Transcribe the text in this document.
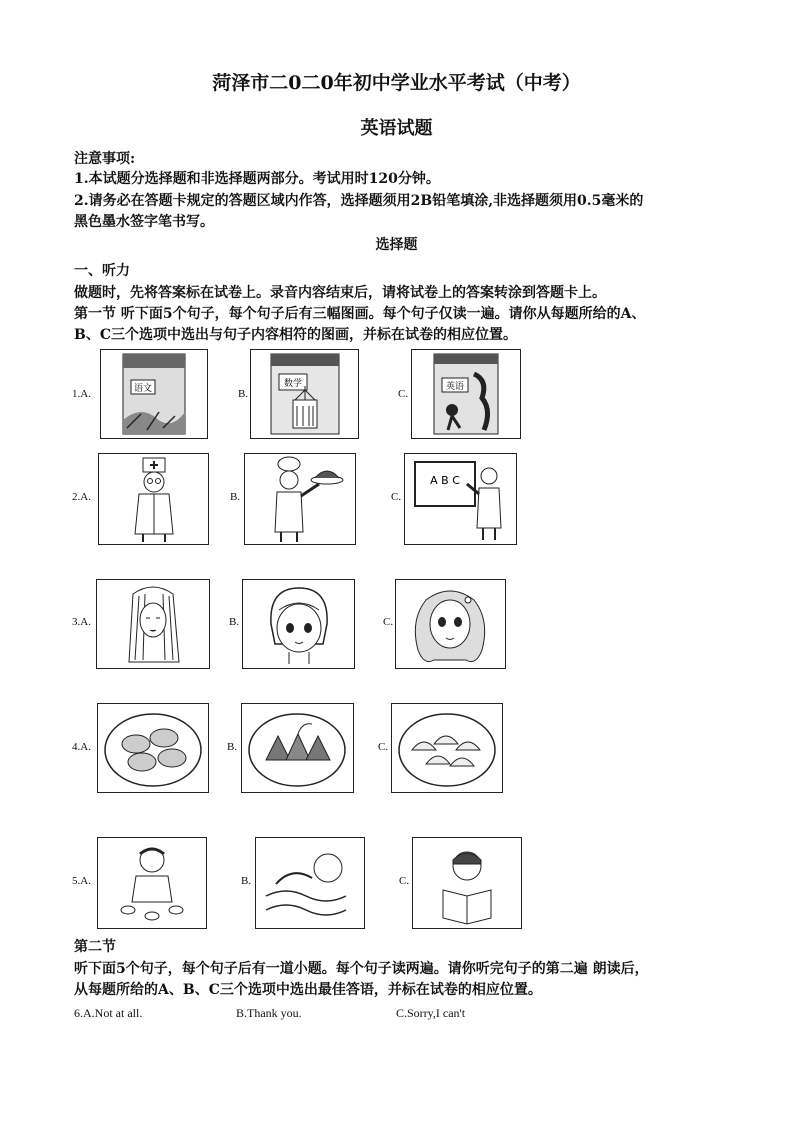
菏泽市二0二0年初中学业水平考试（中考）
英语试题
注意事项:
1.本试题分选择题和非选择题两部分。考试用时120分钟。
2.请务必在答题卡规定的答题区域内作答，选择题须用2B铅笔填涂,非选择题须用0.5毫米的
黑色墨水签字笔书写。
选择题
一、听力
做题时，先将答案标在试卷上。录音内容结束后，请将试卷上的答案转涂到答题卡上。
第一节 听下面5个句子，每个句子后有三幅图画。每个句子仅读一遍。请你从每题所给的A、
B、C三个选项中选出与句子内容相符的图画，并标在试卷的相应位置。
1.A.	语文	B.
数学
C.
英语
2.A.	B.	C.
A B C
3.A.	B.	C.
4.A.	B.	C.
5.A.	B.	C.
第二节
听下面5个句子，每个句子后有一道小题。每个句子读两遍。请你听完句子的第二遍 朗读后，
从每题所给的A、B、C三个选项中选出最佳答语，并标在试卷的相应位置。
6.A.Not at all.	B.Thank you.	C.Sorry,I can't
